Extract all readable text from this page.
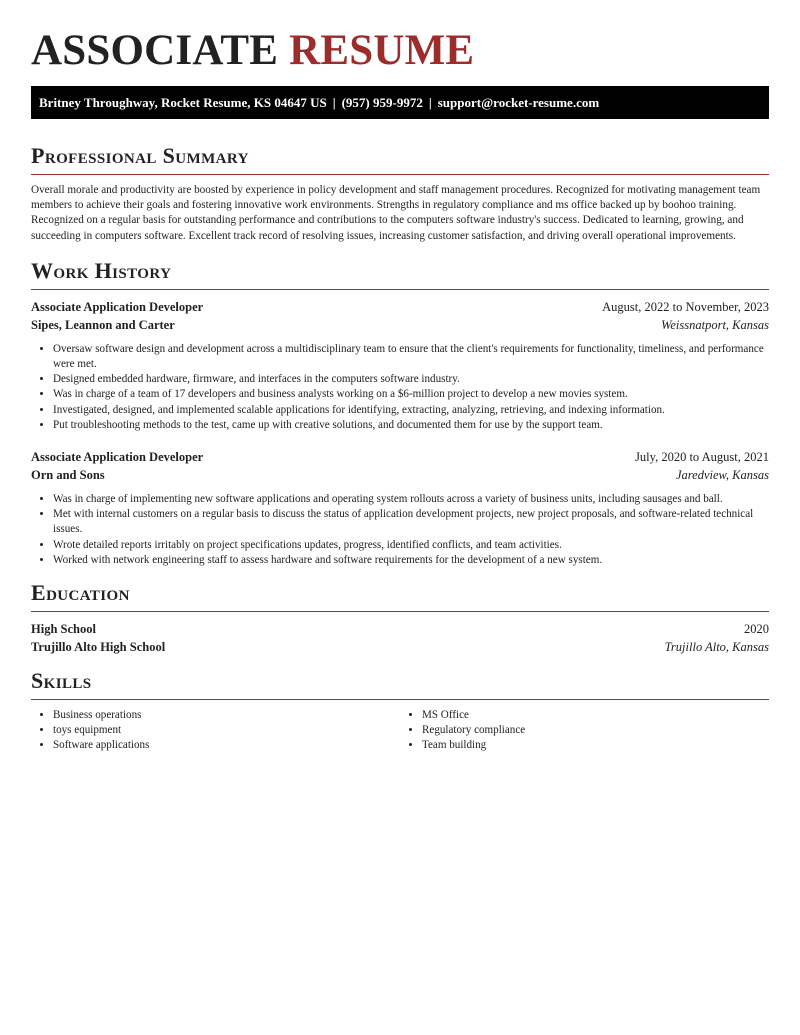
ASSOCIATE RESUME
Britney Throughway, Rocket Resume, KS 04647 US | (957) 959-9972 | support@rocket-resume.com
Professional Summary

Overall morale and productivity are boosted by experience in policy development and staff management procedures. Recognized for motivating management team members to achieve their goals and fostering innovative work environments. Strengths in regulatory compliance and ms office backed up by boohoo training. Recognized on a regular basis for outstanding performance and contributions to the computers software industry's success. Dedicated to learning, growing, and succeeding in computers software. Excellent track record of resolving issues, increasing customer satisfaction, and driving overall operational improvements.

Work History
Associate Application Developer	August, 2022 to November, 2023
Sipes, Leannon and Carter	Weissnatport, Kansas
• Oversaw software design and development across a multidisciplinary team to ensure that the client's requirements for functionality, timeliness, and performance were met.
• Designed embedded hardware, firmware, and interfaces in the computers software industry.
• Was in charge of a team of 17 developers and business analysts working on a $6-million project to develop a new movies system.
• Investigated, designed, and implemented scalable applications for identifying, extracting, analyzing, retrieving, and indexing information.
• Put troubleshooting methods to the test, came up with creative solutions, and documented them for use by the support team.
Associate Application Developer	July, 2020 to August, 2021
Orn and Sons	Jaredview, Kansas
• Was in charge of implementing new software applications and operating system rollouts across a variety of business units, including sausages and ball.
• Met with internal customers on a regular basis to discuss the status of application development projects, new project proposals, and software-related technical issues.
• Wrote detailed reports irritably on project specifications updates, progress, identified conflicts, and team activities.
• Worked with network engineering staff to assess hardware and software requirements for the development of a new system.
Education
High School	2020
Trujillo Alto High School	Trujillo Alto, Kansas
Skills
• Business operations
• toys equipment
• Software applications
• MS Office
• Regulatory compliance
• Team building
